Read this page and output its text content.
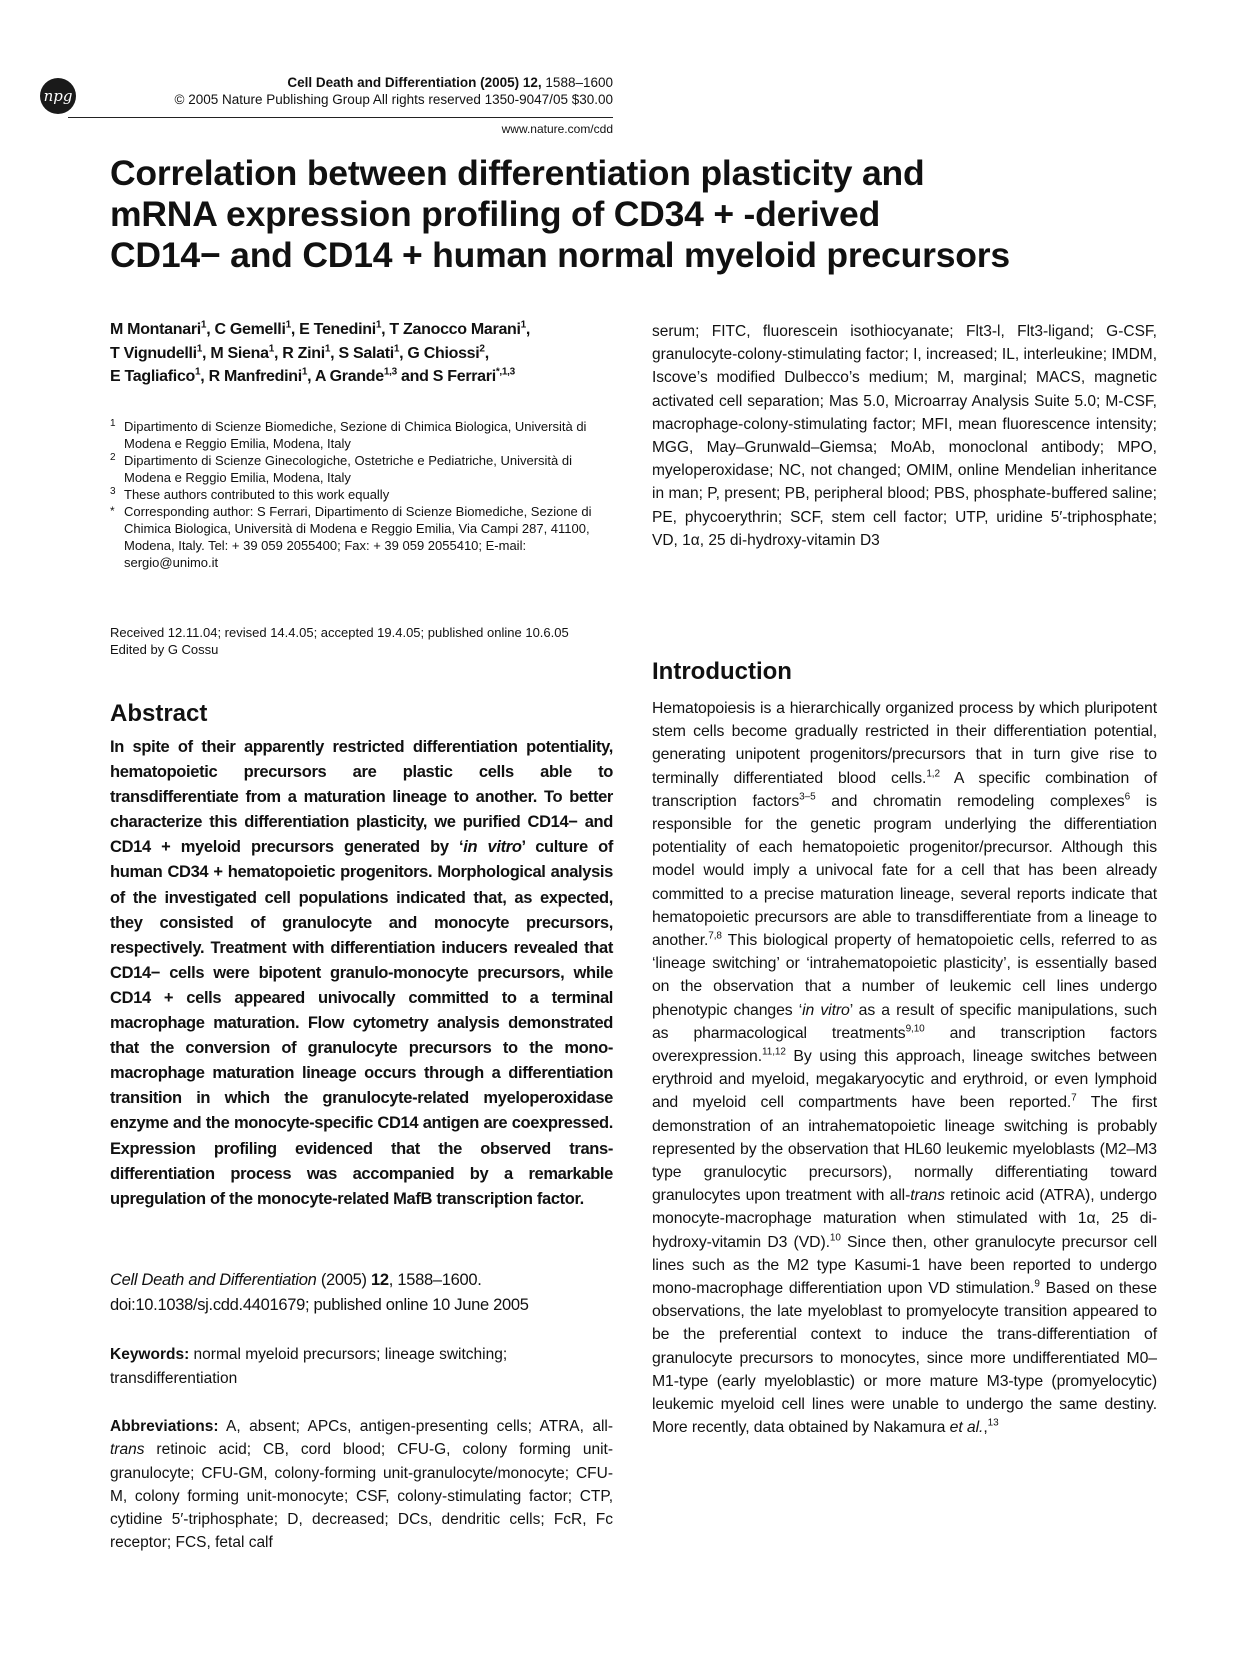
npg
Cell Death and Differentiation (2005) 12, 1588–1600
© 2005 Nature Publishing Group All rights reserved 1350-9047/05 $30.00
www.nature.com/cdd
Correlation between differentiation plasticity and
mRNA expression profiling of CD34 + -derived
CD14− and CD14 + human normal myeloid precursors
M Montanari$^1$, C Gemelli$^1$, E Tenedini$^1$, T Zanocco Marani$^1$,
T Vignudelli$^1$, M Siena$^1$, R Zini$^1$, S Salati$^1$, G Chiossi$^2$,
E Tagliafico$^1$, R Manfredini$^1$, A Grande$^{1,3}$ and S Ferrari$^{*,1,3}$
1 Dipartimento di Scienze Biomediche, Sezione di Chimica Biologica, Università di Modena e Reggio Emilia, Modena, Italy
2 Dipartimento di Scienze Ginecologiche, Ostetriche e Pediatriche, Università di Modena e Reggio Emilia, Modena, Italy
3 These authors contributed to this work equally
* Corresponding author: S Ferrari, Dipartimento di Scienze Biomediche, Sezione di Chimica Biologica, Università di Modena e Reggio Emilia, Via Campi 287, 41100, Modena, Italy. Tel: + 39 059 2055400; Fax: + 39 059 2055410; E-mail: sergio@unimo.it
Received 12.11.04; revised 14.4.05; accepted 19.4.05; published online 10.6.05
Edited by G Cossu
Abstract
In spite of their apparently restricted differentiation potentiality, hematopoietic precursors are plastic cells able to transdifferentiate from a maturation lineage to another. To better characterize this differentiation plasticity, we purified CD14− and CD14 + myeloid precursors generated by ‘in vitro’ culture of human CD34 + hematopoietic progenitors. Morphological analysis of the investigated cell populations indicated that, as expected, they consisted of granulocyte and monocyte precursors, respectively. Treatment with differentiation inducers revealed that CD14− cells were bipotent granulo-monocyte precursors, while CD14 + cells appeared univocally committed to a terminal macrophage maturation. Flow cytometry analysis demonstrated that the conversion of granulocyte precursors to the mono-macrophage maturation lineage occurs through a differentiation transition in which the granulocyte-related myeloperoxidase enzyme and the monocyte-specific CD14 antigen are coexpressed. Expression profiling evidenced that the observed trans-differentiation process was accompanied by a remarkable upregulation of the monocyte-related MafB transcription factor.
Cell Death and Differentiation (2005) 12, 1588–1600.
doi:10.1038/sj.cdd.4401679; published online 10 June 2005
Keywords: normal myeloid precursors; lineage switching; transdifferentiation
Abbreviations: A, absent; APCs, antigen-presenting cells; ATRA, all-trans retinoic acid; CB, cord blood; CFU-G, colony forming unit-granulocyte; CFU-GM, colony-forming unit-granulocyte/monocyte; CFU-M, colony forming unit-monocyte; CSF, colony-stimulating factor; CTP, cytidine 5′-triphosphate; D, decreased; DCs, dendritic cells; FcR, Fc receptor; FCS, fetal calf
serum; FITC, fluorescein isothiocyanate; Flt3-l, Flt3-ligand; G-CSF, granulocyte-colony-stimulating factor; I, increased; IL, interleukine; IMDM, Iscove’s modified Dulbecco’s medium; M, marginal; MACS, magnetic activated cell separation; Mas 5.0, Microarray Analysis Suite 5.0; M-CSF, macrophage-colony-stimulating factor; MFI, mean fluorescence intensity; MGG, May–Grunwald–Giemsa; MoAb, monoclonal antibody; MPO, myeloperoxidase; NC, not changed; OMIM, online Mendelian inheritance in man; P, present; PB, peripheral blood; PBS, phosphate-buffered saline; PE, phycoerythrin; SCF, stem cell factor; UTP, uridine 5′-triphosphate; VD, 1α, 25 di-hydroxy-vitamin D3
Introduction
Hematopoiesis is a hierarchically organized process by which pluripotent stem cells become gradually restricted in their differentiation potential, generating unipotent progenitors/precursors that in turn give rise to terminally differentiated blood cells.$^{1,2}$ A specific combination of transcription factors$^{3-5}$ and chromatin remodeling complexes$^6$ is responsible for the genetic program underlying the differentiation potentiality of each hematopoietic progenitor/precursor. Although this model would imply a univocal fate for a cell that has been already committed to a precise maturation lineage, several reports indicate that hematopoietic precursors are able to transdifferentiate from a lineage to another.$^{7,8}$ This biological property of hematopoietic cells, referred to as ‘lineage switching’ or ‘intrahematopoietic plasticity’, is essentially based on the observation that a number of leukemic cell lines undergo phenotypic changes ‘in vitro’ as a result of specific manipulations, such as pharmacological treatments$^{9,10}$ and transcription factors overexpression.$^{11,12}$ By using this approach, lineage switches between erythroid and myeloid, megakaryocytic and erythroid, or even lymphoid and myeloid cell compartments have been reported.$^7$ The first demonstration of an intrahematopoietic lineage switching is probably represented by the observation that HL60 leukemic myeloblasts (M2–M3 type granulocytic precursors), normally differentiating toward granulocytes upon treatment with all-trans retinoic acid (ATRA), undergo monocyte-macrophage maturation when stimulated with 1α, 25 di-hydroxy-vitamin D3 (VD).$^{10}$ Since then, other granulocyte precursor cell lines such as the M2 type Kasumi-1 have been reported to undergo mono-macrophage differentiation upon VD stimulation.$^9$ Based on these observations, the late myeloblast to promyelocyte transition appeared to be the preferential context to induce the trans-differentiation of granulocyte precursors to monocytes, since more undifferentiated M0–M1-type (early myeloblastic) or more mature M3-type (promyelocytic) leukemic myeloid cell lines were unable to undergo the same destiny. More recently, data obtained by Nakamura et al.,$^{13}$
